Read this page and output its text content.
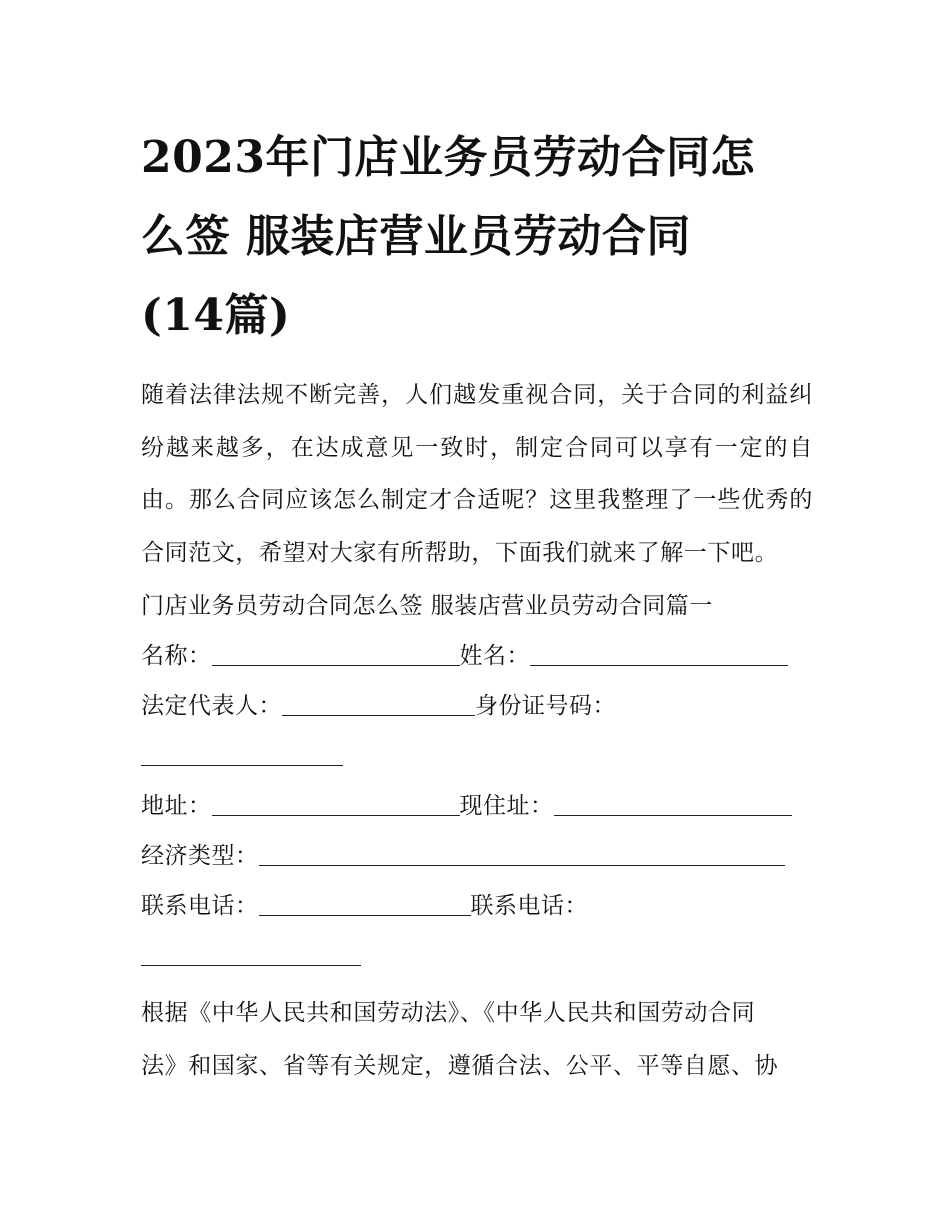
2023年门店业务员劳动合同怎
么签 服装店营业员劳动合同
(14篇)
随着法律法规不断完善，人们越发重视合同，关于合同的利益纠纷越来越多，在达成意见一致时，制定合同可以享有一定的自由。那么合同应该怎么制定才合适呢？这里我整理了一些优秀的合同范文，希望对大家有所帮助，下面我们就来了解一下吧。
门店业务员劳动合同怎么签 服装店营业员劳动合同篇一
名称：	姓名：
法定代表人：	身份证号码：
地址：	现住址：
经济类型：
联系电话：	联系电话：
根据《中华人民共和国劳动法》、《中华人民共和国劳动合同
法》和国家、省等有关规定，遵循合法、公平、平等自愿、协
